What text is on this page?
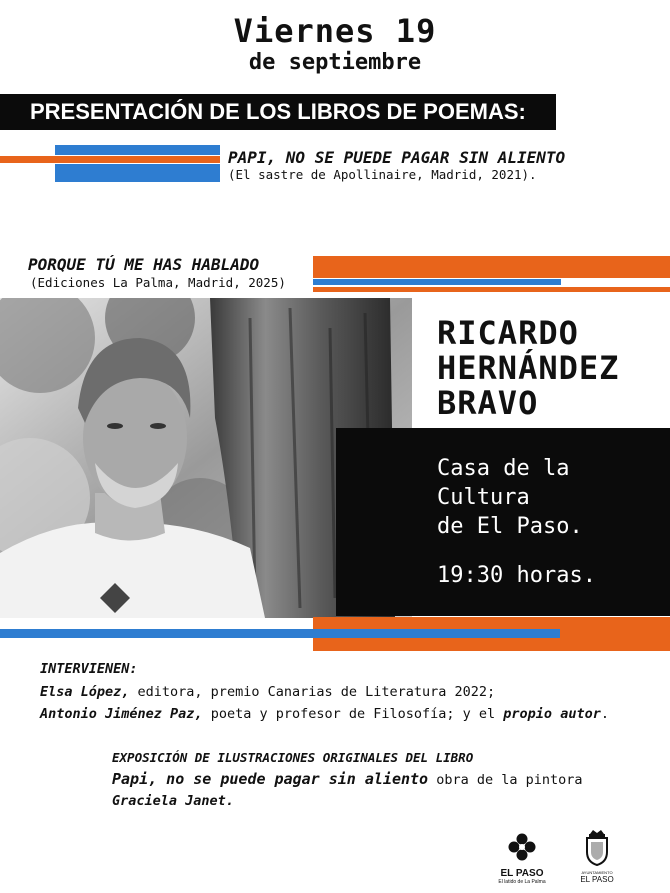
Viernes 19
de septiembre
PRESENTACIÓN DE LOS LIBROS DE POEMAS:
PAPI, NO SE PUEDE PAGAR SIN ALIENTO
(El sastre de Apollinaire, Madrid, 2021).
PORQUE TÚ ME HAS HABLADO
(Ediciones La Palma, Madrid, 2025)
RICARDO
HERNÁNDEZ
BRAVO
Casa de la
Cultura
de El Paso.
19:30 horas.
INTERVIENEN:
Elsa López, editora, premio Canarias de Literatura 2022;
Antonio Jiménez Paz, poeta y profesor de Filosofía; y el propio autor.
EXPOSICIÓN DE ILUSTRACIONES ORIGINALES DEL LIBRO
Papi, no se puede pagar sin aliento obra de la pintora
Graciela Janet.
EL PASO
El latido de La Palma
AYUNTAMIENTO
EL PASO
